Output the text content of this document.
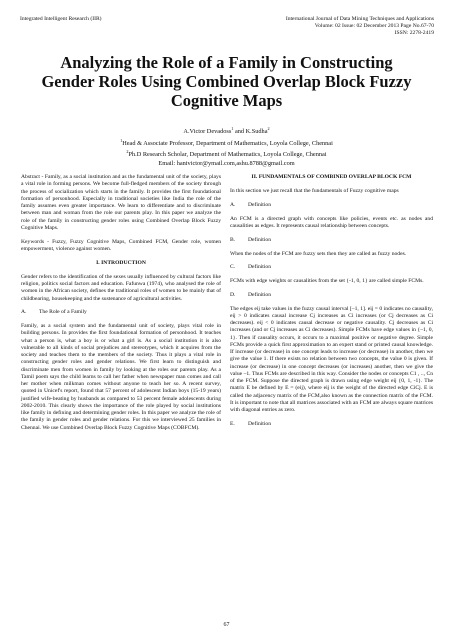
Integrated Intelligent Research (IIR)	International Journal of Data Mining Techniques and Applications
Volume: 02 Issue: 02 December 2013 Page No.67-70
ISSN: 2278-2419
Analyzing the Role of a Family in Constructing Gender Roles Using Combined Overlap Block Fuzzy Cognitive Maps
A.Victor Devadoss$^1$ and K.Sudha$^2$
$^1$Head & Associate Professor, Department of Mathematics, Loyola College, Chennai
$^2$Ph.D Research Scholar, Department of Mathematics, Loyola College, Chennai
Email: hanivictor@ymail.com,ashu.8788@gmail.com

Abstract - Family, as a social institution and as the fundamental unit of the society, plays a vital role in forming persons. We become full-fledged members of the society through the process of socialization which starts in the family. It provides the first foundational formation of personhood. Especially in traditional societies like India the role of the family assumes even greater importance. We learn to differentiate and to discriminate between man and woman from the role our parents play. In this paper we analyze the role of the family in constructing gender roles using Combined Overlap Block Fuzzy Cognitive Maps.

Keywords - Fuzzy, Fuzzy Cognitive Maps, Combined FCM, Gender role, women empowerment, violence against women.

I. INTRODUCTION

Gender refers to the identification of the sexes usually influenced by cultural factors like religion, politics social factors and education. Fafunwa (1974), who analysed the role of women in the African society, defines the traditional roles of women to be mainly that of childbearing, housekeeping and the sustenance of agricultural activities.

A. The Role of a Family

Family, as a social system and the fundamental unit of society, plays vital role in building persons. In provides the first foundational formation of personhood. It teaches what a person is, what a boy is or what a girl is. As a social institution it is also vulnerable to all kinds of social prejudices and stereotypes, which it acquires from the society and teaches them to the members of the society. Thus it plays a vital role in constructing gender roles and gender relations. We first learn to distinguish and discriminate men from women in family by looking at the roles our parents play. As a Tamil poem says the child learns to call her father when newspaper man comes and call her mother when milkman comes without anyone to teach her so. A recent survey, quoted in Unicef's report, found that 57 percent of adolescent Indian boys (15-19 years) justified wife-beating by husbands as compared to 53 percent female adolescents during 2002-2010. This clearly shows the importance of the role played by social institutions like family in defining and determining gender roles. In this paper we analyze the role of the family in gender roles and gender relations. For this we interviewed 25 families in Chennai. We use Combined Overlap Block Fuzzy Cognitive Maps (COBFCM).

II. FUNDAMENTALS OF COMBINED OVERLAP BLOCK FCM

In this section we just recall that the fundamentals of Fuzzy cognitive maps

A. Definition

An FCM is a directed graph with concepts like policies, events etc. as nodes and causalities as edges. It represents causal relationship between concepts.

B. Definition

When the nodes of the FCM are fuzzy sets then they are called as fuzzy nodes.

C. Definition

FCMs with edge weights or causalities from the set {-1, 0, 1} are called simple FCMs.

D. Definition

The edges eij take values in the fuzzy causal interval [–1, 1]. eij = 0 indicates no causality, eij > 0 indicates causal increase Cj increases as Ci increases (or Cj decreases as Ci decreases). eij < 0 indicates causal decrease or negative causality. Cj decreases as Ci increases (and or Cj increases as Ci decreases). Simple FCMs have edge values in {–1, 0, 1}. Then if causality occurs, it occurs to a maximal positive or negative degree. Simple FCMs provide a quick first approximation to an expert stand or printed causal knowledge. If increase (or decrease) in one concept leads to increase (or decrease) in another, then we give the value 1. If there exists no relation between two concepts, the value 0 is given. If increase (or decrease) in one concept decreases (or increases) another, then we give the value –1. Thus FCMs are described in this way. Consider the nodes or concepts C1 , .., Cn of the FCM. Suppose the directed graph is drawn using edge weight eij {0, 1, -1}. The matrix E be defined by E = (eij), where eij is the weight of the directed edge CiCj. E is called the adjacency matrix of the FCM,also known as the connection matrix of the FCM. It is important to note that all matrices associated with an FCM are always square matrices with diagonal entries as zero.

E. Definition

67
